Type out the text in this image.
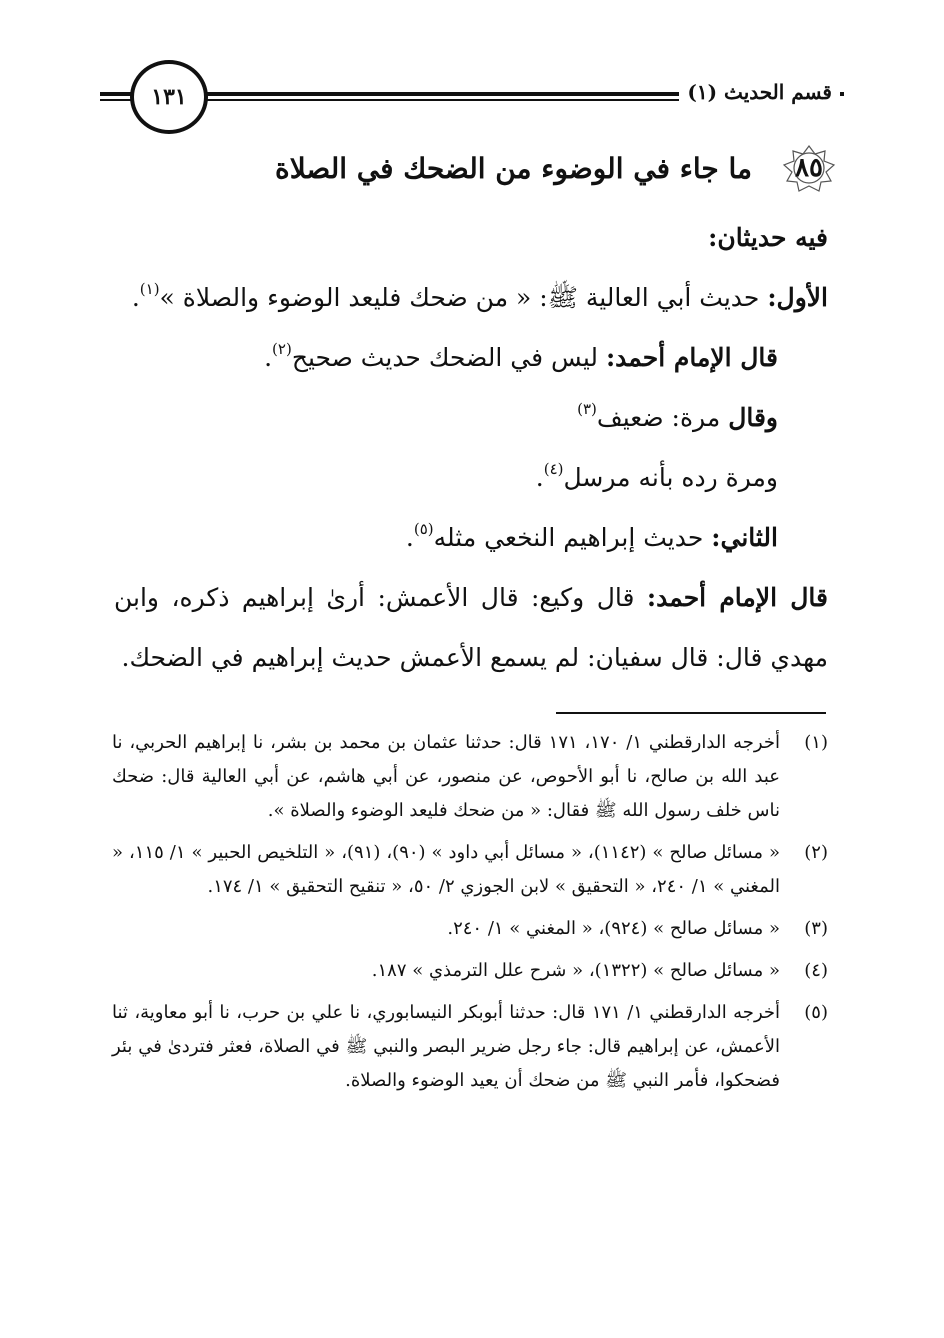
قسم الحديث (١)
١٣١
٨٥
ما جاء في الوضوء من الضحك في الصلاة

فيه حديثان:

الأول: حديث أبي العالية ﷺ: « من ضحك فليعد الوضوء والصلاة »$^{(١)}$.

قال الإمام أحمد: ليس في الضحك حديث صحيح$^{(٢)}$.

وقال مرة: ضعيف$^{(٣)}$

ومرة رده بأنه مرسل$^{(٤)}$.

الثاني: حديث إبراهيم النخعي مثله$^{(٥)}$.

قال الإمام أحمد: قال وكيع: قال الأعمش: أرىٰ إبراهيم ذكره، وابن مهدي قال: قال سفيان: لم يسمع الأعمش حديث إبراهيم في الضحك.

(١)
أخرجه الدارقطني ١/ ١٧٠، ١٧١ قال: حدثنا عثمان بن محمد بن بشر، نا إبراهيم الحربي، نا عبد الله بن صالح، نا أبو الأحوص، عن منصور، عن أبي هاشم، عن أبي العالية قال: ضحك ناس خلف رسول الله ﷺ فقال: « من ضحك فليعد الوضوء والصلاة ».
(٢)
« مسائل صالح » (١١٤٢)، « مسائل أبي داود » (٩٠)، (٩١)، « التلخيص الحبير » ١/ ١١٥، « المغني » ١/ ٢٤٠، « التحقيق » لابن الجوزي ٢/ ٥٠، « تنقيح التحقيق » ١/ ١٧٤.
(٣)
« مسائل صالح » (٩٢٤)، « المغني » ١/ ٢٤٠.
(٤)
« مسائل صالح » (١٣٢٢)، « شرح علل الترمذي » ١٨٧.
(٥)
أخرجه الدارقطني ١/ ١٧١ قال: حدثنا أبوبكر النيسابوري، نا علي بن حرب، نا أبو معاوية، ثنا الأعمش، عن إبراهيم قال: جاء رجل ضرير البصر والنبي ﷺ في الصلاة، فعثر فتردىٰ في بئر فضحكوا، فأمر النبي ﷺ من ضحك أن يعيد الوضوء والصلاة.
